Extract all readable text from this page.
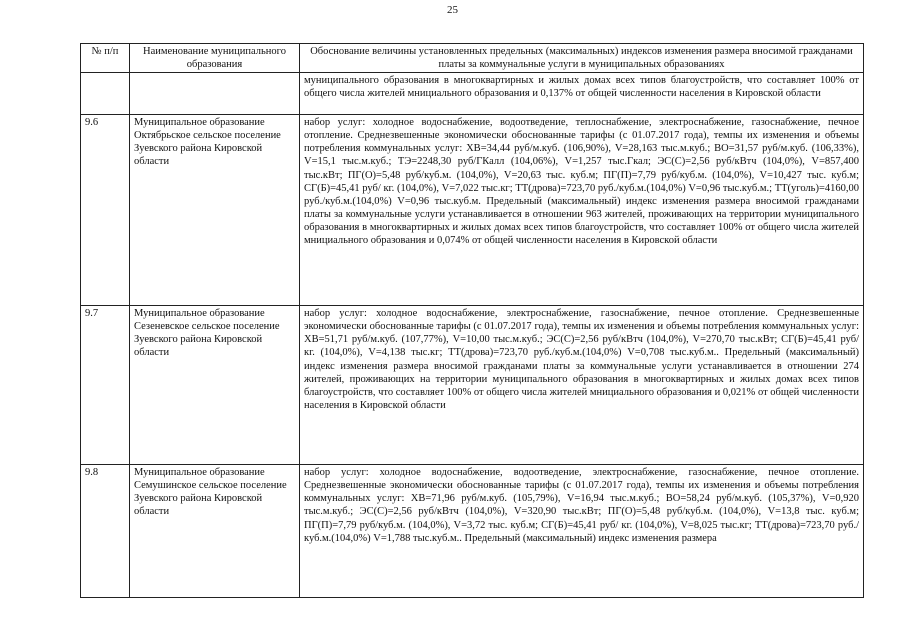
25
№ п/п	Наименование муниципального образования	Обоснование величины установленных предельных (максимальных) индексов изменения размера вносимой гражданами платы за коммунальные услуги в муниципальных образованиях
		муниципального образования в многоквартирных и жилых домах всех типов благоустройств, что составляет 100% от общего числа жителей мнициального образования и 0,137% от общей численности населения в Кировской области
9.6	Муниципальное образование Октябрьское сельское поселение Зуевского района Кировской области	набор услуг: холодное водоснабжение, водоотведение, теплоснабжение, электроснабжение, газоснабжение, печное отопление. Среднезвешенные экономически обоснованные тарифы (с 01.07.2017 года), темпы их изменения и объемы потребления коммунальных услуг: ХВ=34,44 руб/м.куб. (106,90%), V=28,163 тыс.м.куб.; ВО=31,57 руб/м.куб. (106,33%), V=15,1 тыс.м.куб.; ТЭ=2248,30 руб/ГКалл (104,06%), V=1,257 тыс.Гкал; ЭС(С)=2,56 руб/кВтч (104,0%), V=857,400 тыс.кВт; ПГ(О)=5,48 руб/куб.м. (104,0%), V=20,63 тыс. куб.м; ПГ(П)=7,79 руб/куб.м. (104,0%), V=10,427 тыс. куб.м; СГ(Б)=45,41 руб/ кг. (104,0%), V=7,022 тыс.кг; ТТ(дрова)=723,70 руб./куб.м.(104,0%) V=0,96 тыс.куб.м.; ТТ(уголь)=4160,00 руб./куб.м.(104,0%) V=0,96 тыс.куб.м. Предельный (максимальный) индекс изменения размера вносимой гражданами платы за коммунальные услуги устанавливается в отношении 963 жителей, проживающих на территории муниципального образования в многоквартирных и жилых домах всех типов благоустройств, что составляет 100% от общего числа жителей мнициального образования и 0,074% от общей численности населения в Кировской области
9.7	Муниципальное образование Сезеневское сельское поселение Зуевского района Кировской области	набор услуг: холодное водоснабжение, электроснабжение, газоснабжение, печное отопление. Среднезвешенные экономически обоснованные тарифы (с 01.07.2017 года), темпы их изменения и объемы потребления коммунальных услуг: ХВ=51,71 руб/м.куб. (107,77%), V=10,00 тыс.м.куб.; ЭС(С)=2,56 руб/кВтч (104,0%), V=270,70 тыс.кВт; СГ(Б)=45,41 руб/ кг. (104,0%), V=4,138 тыс.кг; ТТ(дрова)=723,70 руб./куб.м.(104,0%) V=0,708 тыс.куб.м.. Предельный (максимальный) индекс изменения размера вносимой гражданами платы за коммунальные услуги устанавливается в отношении 274 жителей, проживающих на территории муниципального образования в многоквартирных и жилых домах всех типов благоустройств, что составляет 100% от общего числа жителей мнициального образования и 0,021% от общей численности населения в Кировской области
9.8	Муниципальное образование Семушинское сельское поселение Зуевского района Кировской области	набор услуг: холодное водоснабжение, водоотведение, электроснабжение, газоснабжение, печное отопление. Среднезвешенные экономически обоснованные тарифы (с 01.07.2017 года), темпы их изменения и объемы потребления коммунальных услуг: ХВ=71,96 руб/м.куб. (105,79%), V=16,94 тыс.м.куб.; ВО=58,24 руб/м.куб. (105,37%), V=0,920 тыс.м.куб.; ЭС(С)=2,56 руб/кВтч (104,0%), V=320,90 тыс.кВт; ПГ(О)=5,48 руб/куб.м. (104,0%), V=13,8 тыс. куб.м; ПГ(П)=7,79 руб/куб.м. (104,0%), V=3,72 тыс. куб.м; СГ(Б)=45,41 руб/ кг. (104,0%), V=8,025 тыс.кг; ТТ(дрова)=723,70 руб./куб.м.(104,0%) V=1,788 тыс.куб.м.. Предельный (максимальный) индекс изменения размера
